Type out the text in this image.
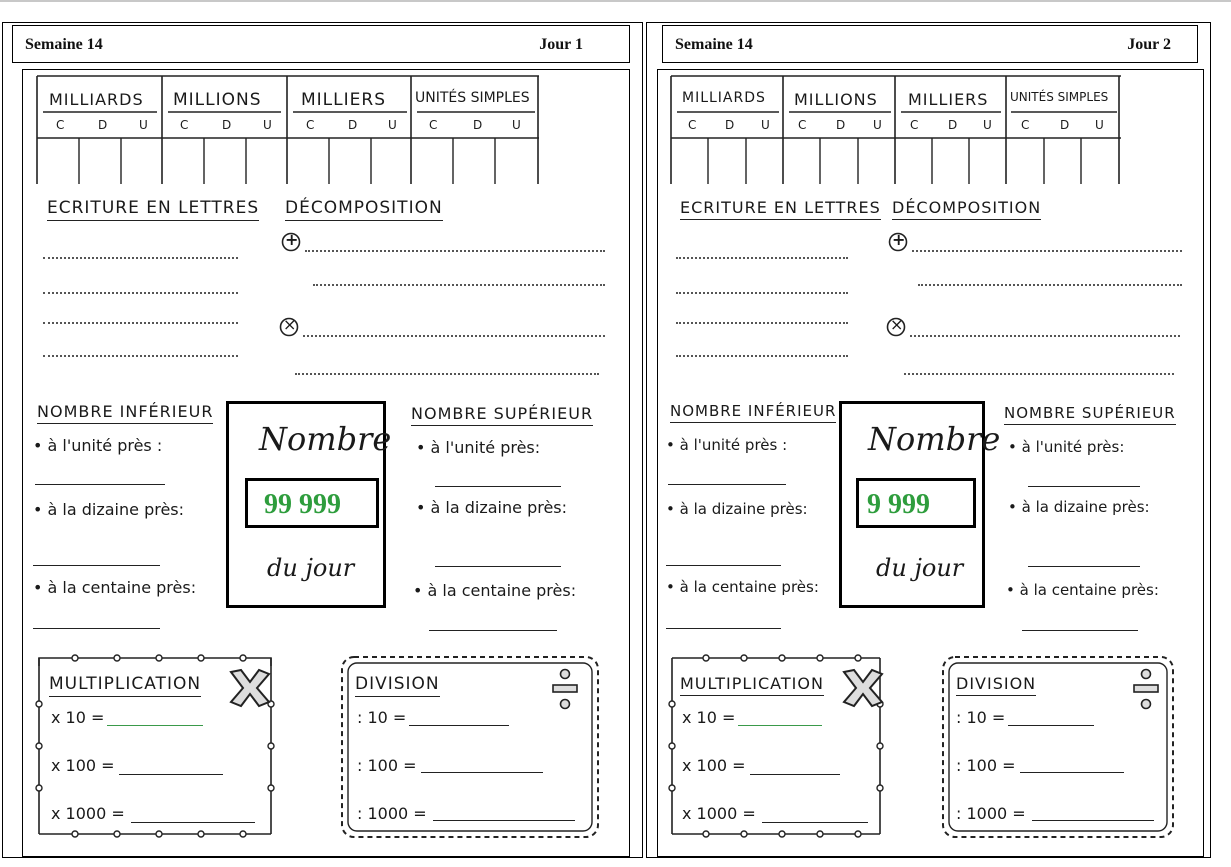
Semaine 14	Jour 1
MILLIARDS MILLIONS MILLIERS UNITÉS SIMPLES
C	D	U	C	D	U	C	D	U	C	D U
ECRITURE EN LETTRES DÉCOMPOSITION
+
×
NOMBRE INFÉRIEUR
• à l'unité près :
• à la dizaine près:
• à la centaine près:
Nombre
99 999
du jour
NOMBRE SUPÉRIEUR
• à l'unité près:
• à la dizaine près:
• à la centaine près:
MULTIPLICATION
x 10 =
x 100 =
x 1000 =
DIVISION
: 10 =
: 100 =
: 1000 =
Semaine 14	Jour 2
MILLIARDS MILLIONS MILLIERS UNITÉS SIMPLES
C D U C D U C D U C	D U
ECRITURE EN LETTRES DÉCOMPOSITION
+
×
NOMBRE INFÉRIEUR
• à l'unité près :
• à la dizaine près:
• à la centaine près:
Nombre
9 999
du jour
NOMBRE SUPÉRIEUR
• à l'unité près:
• à la dizaine près:
• à la centaine près:
MULTIPLICATION
x 10 =
x 100 =
x 1000 =
DIVISION
: 10 =
: 100 =
: 1000 =
